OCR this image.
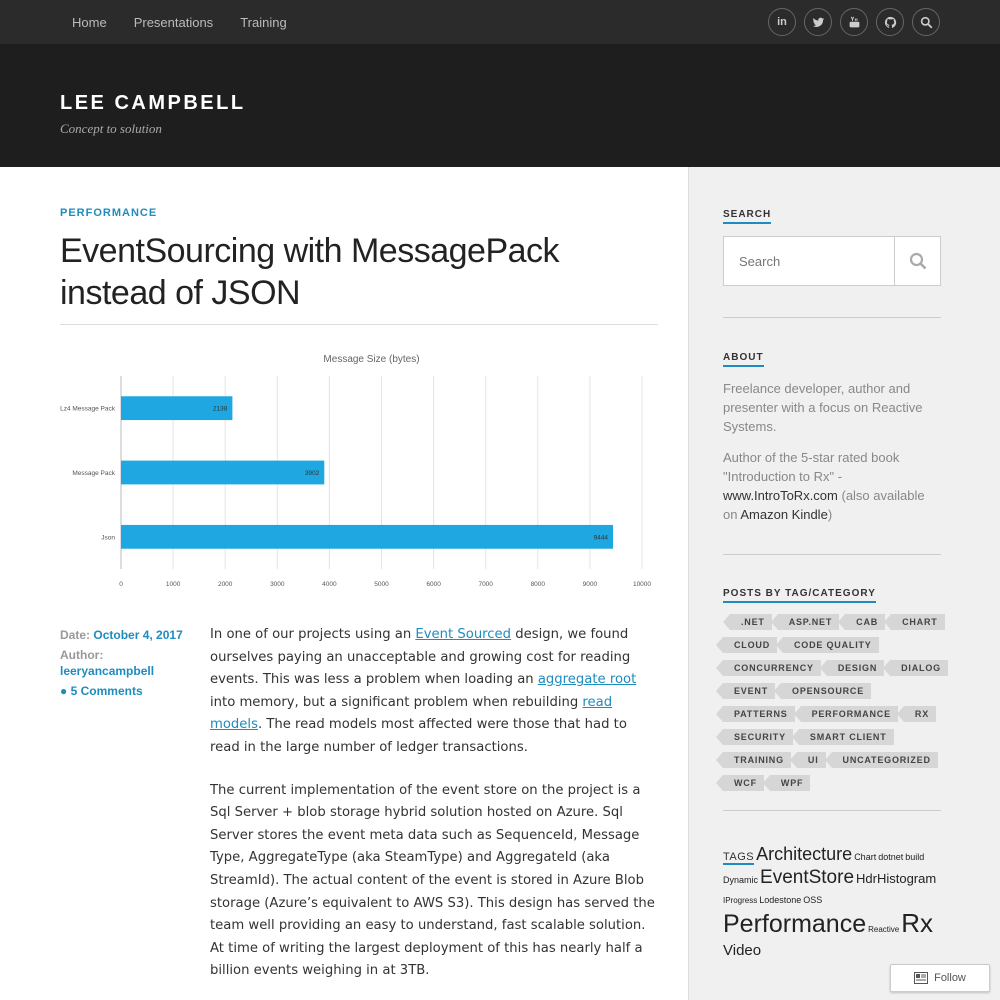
Home Presentations Training	in
LEE CAMPBELL
Concept to solution
PERFORMANCE
EventSourcing with MessagePack instead of JSON
Message Size (bytes)
0	1000	2000	3000	4000	5000	6000	7000	8000	9000	10000
Lz4 Message Pack	2138
Message Pack	3902
Json	9444
Date: October 4, 2017
Author:
leeryancampbell
● 5 Comments

In one of our projects using an Event Sourced design, we found ourselves paying an unacceptable and growing cost for reading events. This was less a problem when loading an aggregate root into memory, but a significant problem when rebuilding read models. The read models most affected were those that had to read in the large number of ledger transactions.

The current implementation of the event store on the project is a Sql Server + blob storage hybrid solution hosted on Azure. Sql Server stores the event meta data such as SequenceId, Message Type, AggregateType (aka SteamType) and AggregateId (aka StreamId). The actual content of the event is stored in Azure Blob storage (Azure’s equivalent to AWS S3). This design has served the team well providing an easy to understand, fast scalable solution. At time of writing the largest deployment of this has nearly half a billion events weighing in at 3TB.

SEARCH
Search
ABOUT

Freelance developer, author and presenter with a focus on Reactive Systems.

Author of the 5-star rated book "Introduction to Rx" - www.IntroToRx.com (also available on Amazon Kindle)

POSTS BY TAG/CATEGORY
.NET	ASP.NET	CAB	CHART
CLOUD	CODE QUALITY
CONCURRENCY	DESIGN	DIALOG
EVENT	OPENSOURCE
PATTERNS	PERFORMANCE	RX
SECURITY	SMART CLIENT
TRAINING	UI	UNCATEGORIZED
WCF	WPF
TAGS Architecture Chart dotnet buildDynamic EventStore HdrHistogramIProgress Lodestone OSSPerformance ReactiveRxVideo
Follow
